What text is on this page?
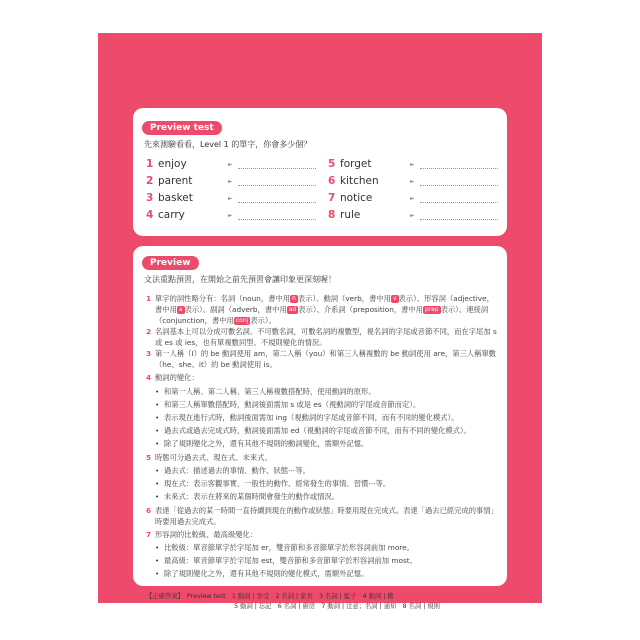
Preview test
先來測驗看看，Level 1 的單字，你會多少個？
1 enjoy	►
2 parent	►
3 basket	►
4 carry	►
5 forget	►
6 kitchen	►
7 notice	►
8 rule	►
Preview
文法重點預習，在開始之前先預習會讓印象更深刻喔！
1 單字的詞性略分有：名詞（noun，書中用 n 表示）、動詞（verb，書中用 v 表示）、形容詞（adjective，書中用 a 表示）、副詞（adverb，書中用 ad 表示）、介系詞（preposition，書中用 prep 表示）、連接詞（conjunction，書中用 conj 表示）。
2 名詞基本上可以分成可數名詞、不可數名詞，可數名詞的複數型，視名詞的字尾或音節不同，而在字尾加 s 或 es 或 ies，也有單複數同型、不規則變化的情況。
3 第一人稱（I）的 be 動詞使用 am，第二人稱（you）和第三人稱複數的 be 動詞使用 are，第三人稱單數（he、she、it）的 be 動詞使用 is。
4 動詞的變化：
• 和第一人稱、第二人稱、第三人稱複數搭配時，使用動詞的原形。
• 和第三人稱單數搭配時，動詞後面需加 s 或是 es（視動詞的字尾或音節而定）。
• 表示現在進行式時，動詞後面需加 ing（視動詞的字尾或音節不同，而有不同的變化模式）。
• 過去式或過去完成式時，動詞後面需加 ed（視動詞的字尾或音節不同，而有不同的變化模式）。
• 除了規則變化之外，還有其他不規則的動詞變化，需額外記憶。
5 時態可分過去式、現在式、未來式。
• 過去式：描述過去的事情、動作、狀態⋯等。
• 現在式：表示客觀事實、一般性的動作、經常發生的事情、習慣⋯等。
• 未來式：表示在將來的某個時間會發生的動作或情況。
6 表達「從過去的某一時間一直持續到現在的動作或狀態」時要用現在完成式。表達「過去已經完成的事情」時要用過去完成式。
7 形容詞的比較級、最高級變化：
• 比較級：單音節單字於字尾加 er，雙音節和多音節單字於形容詞前加 more。
• 最高級：單音節單字於字尾加 est，雙音節和多音節單字於形容詞前加 most。
• 除了規則變化之外，還有其他不規則的變化模式，需額外記憶。
【正確答案】　Preview test　1 動詞 | 享受　2 名詞 | 家長　3 名詞 | 籃子　4 動詞 | 搬
　　　　　　　　　　　　　　5 動詞 | 忘記　6 名詞 | 廚房　7 動詞 | 注意；名詞 | 通知　8 名詞 | 規則
